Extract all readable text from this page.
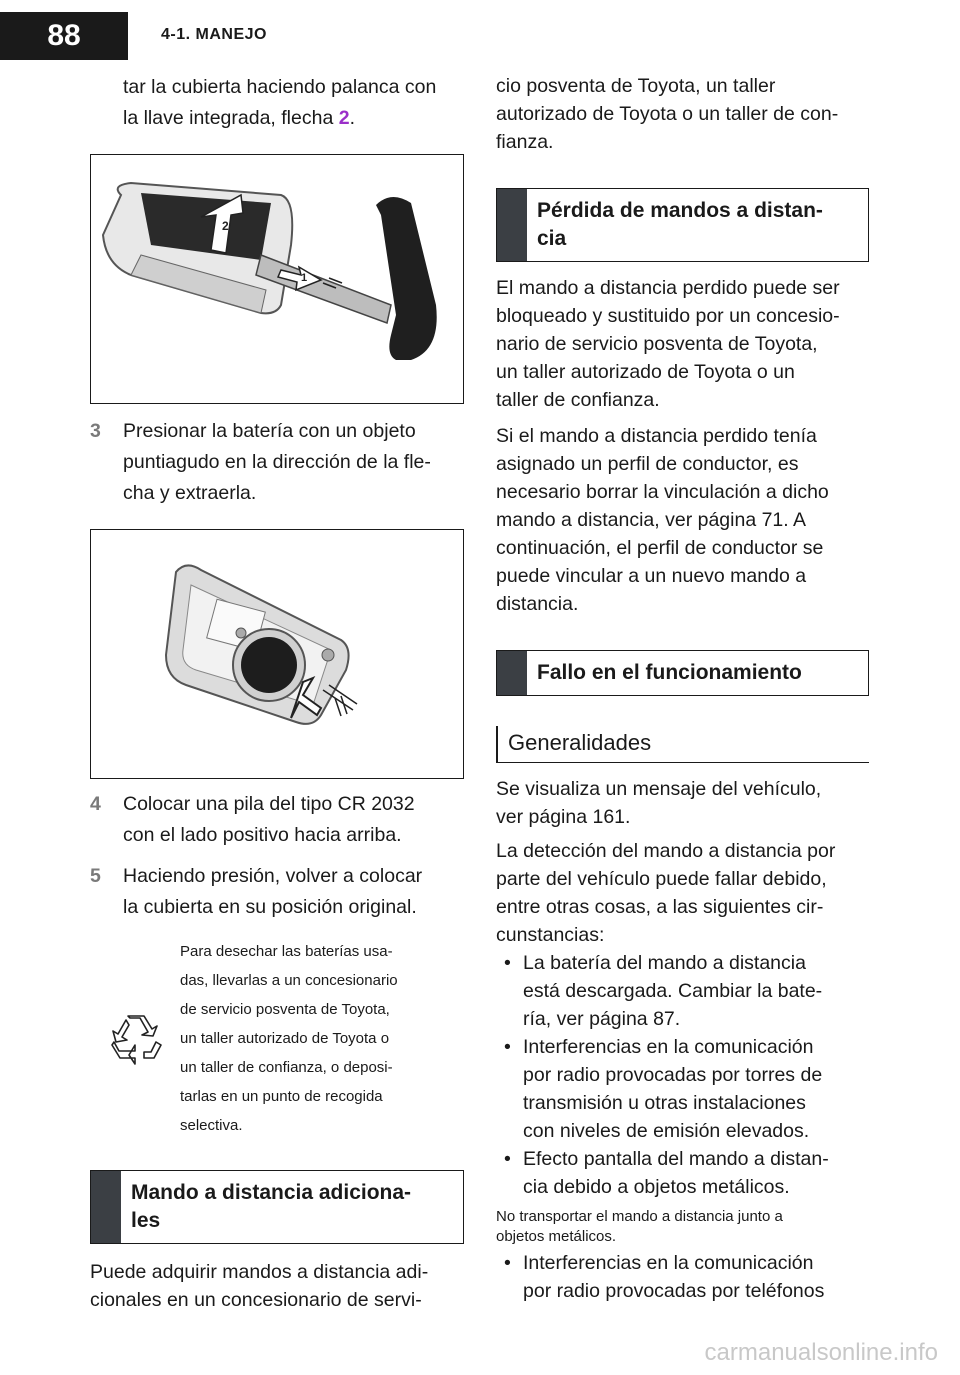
88	4-1. MANEJO

tar la cubierta haciendo palanca con

la llave integrada, flecha 2.

2
1
3	Presionar la batería con un objeto
puntiagudo en la dirección de la fle-
cha y extraerla.
4	Colocar una pila del tipo CR 2032
con el lado positivo hacia arriba.
5	Haciendo presión, volver a colocar
la cubierta en su posición original.
Para desechar las baterías usa-
das, llevarlas a un concesionario
de servicio posventa de Toyota,
un taller autorizado de Toyota o
un taller de confianza, o deposi-
tarlas en un punto de recogida
selectiva.
Mando a distancia adiciona-
les

Puede adquirir mandos a distancia adi-

cionales en un concesionario de servi-

cio posventa de Toyota, un taller

autorizado de Toyota o un taller de con-

fianza.

Pérdida de mandos a distan-
cia

El mando a distancia perdido puede ser

bloqueado y sustituido por un concesio-

nario de servicio posventa de Toyota,

un taller autorizado de Toyota o un

taller de confianza.

Si el mando a distancia perdido tenía

asignado un perfil de conductor, es

necesario borrar la vinculación a dicho

mando a distancia, ver página 71. A

continuación, el perfil de conductor se

puede vincular a un nuevo mando a

distancia.

Fallo en el funcionamiento
Generalidades

Se visualiza un mensaje del vehículo,

ver página 161.

La detección del mando a distancia por

parte del vehículo puede fallar debido,

entre otras cosas, a las siguientes cir-

cunstancias:

• La batería del mando a distancia
está descargada. Cambiar la bate-
ría, ver página 87.
• Interferencias en la comunicación
por radio provocadas por torres de
transmisión u otras instalaciones
con niveles de emisión elevados.
• Efecto pantalla del mando a distan-
cia debido a objetos metálicos.
No transportar el mando a distancia junto a
objetos metálicos.
• Interferencias en la comunicación
por radio provocadas por teléfonos
carmanualsonline.info
